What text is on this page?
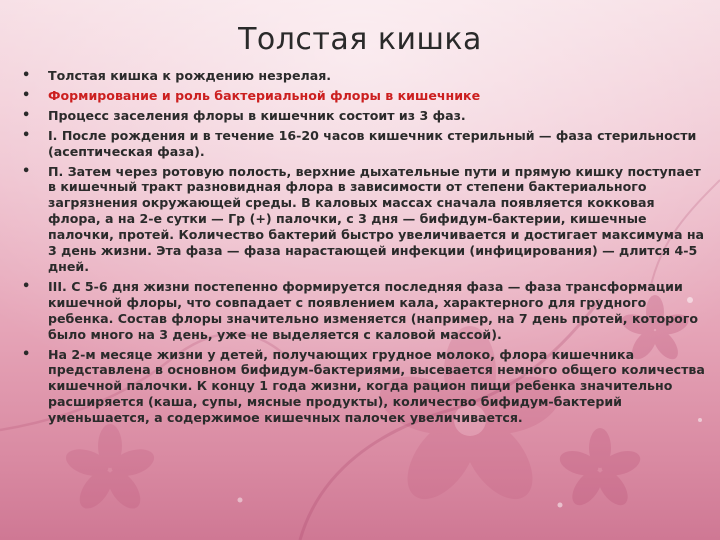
Толстая кишка
• Толстая кишка к рождению незрелая.
• Формирование и роль бактериальной флоры в кишечнике
• Процесс заселения флоры в кишечник состоит из 3 фаз.
• I. После рождения и в течение 16-20 часов кишечник стерильный — фаза стерильности (асептическая фаза).
• П. Затем через ротовую полость, верхние дыхательные пути и прямую кишку поступает в кишечный тракт разновидная флора в зависимости от степени бактериального загрязнения окружающей среды. В каловых массах сначала появляется кокковая флора, а на 2-е сутки — Гр (+) палочки, с 3 дня — бифидум-бактерии, кишечные палочки, протей. Количество бактерий быстро увеличивается и достигает максимума на 3 день жизни. Эта фаза — фаза нарастающей инфекции (инфицирования) — длится 4-5 дней.
• III. С 5-6 дня жизни постепенно формируется последняя фаза — фаза трансформации кишечной флоры, что совпадает с появлением кала, характерного для грудного ребенка. Состав флоры значительно изменяется (например, на 7 день протей, которого было много на 3 день, уже не выделяется с каловой массой).
• На 2-м месяце жизни у детей, получающих грудное молоко, флора кишечника представлена в основном бифидум-бактериями, высевается немного общего количества кишечной палочки. К концу 1 года жизни, когда рацион пищи ребенка значительно расширяется (каша, супы, мясные продукты), количество бифидум-бактерий уменьшается, а содержимое кишечных палочек увеличивается.
